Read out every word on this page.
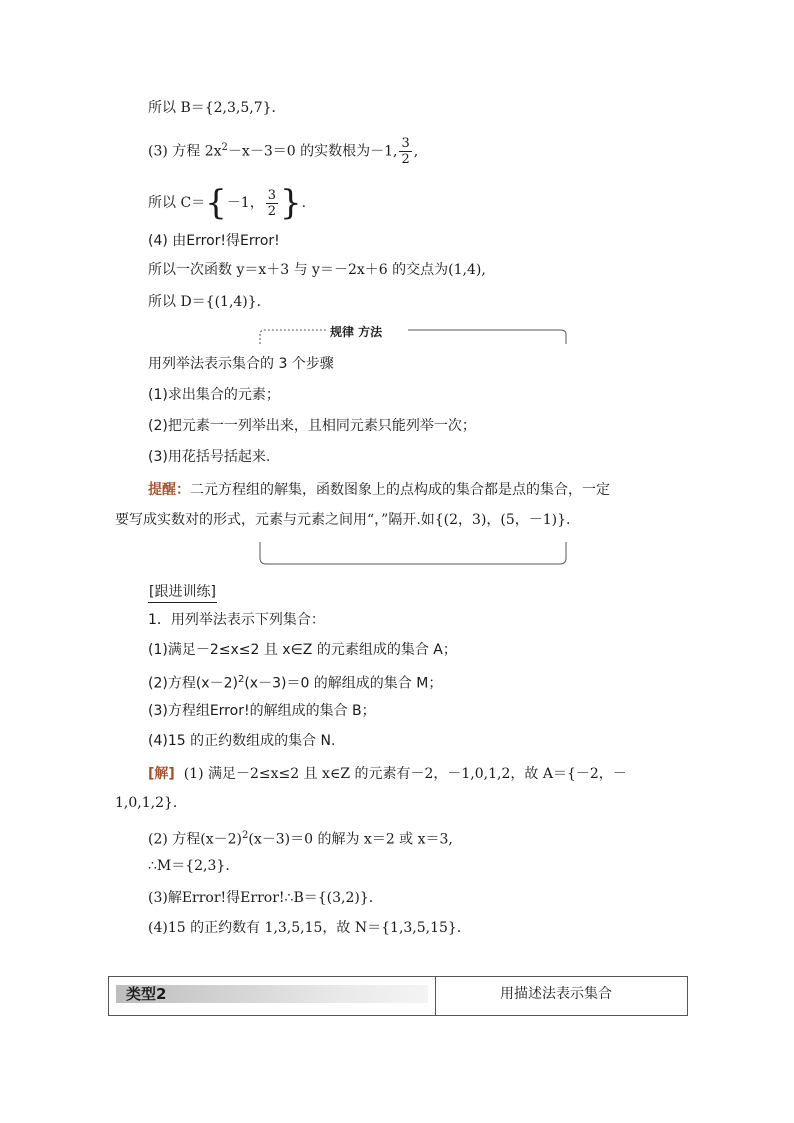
所以 B＝{2,3,5,7}．
(3) 方程 $2x^2-x-3=0$ 的实数根为－1, $\frac{3}{2}$ ,
所以 C＝{－1， $\frac{3}{2}$ }.
(4) 由Error!得Error!
所以一次函数 y＝x＋3 与 y＝－2x＋6 的交点为(1,4),
所以 D＝{(1,4)}．
规律 方法
用列举法表示集合的 3 个步骤
(1)求出集合的元素；
(2)把元素一一列举出来，且相同元素只能列举一次；
(3)用花括号括起来.
提醒：二元方程组的解集，函数图象上的点构成的集合都是点的集合，一定
要写成实数对的形式，元素与元素之间用“，”隔开.如{(2，3)，(5，－1)}.
[跟进训练]
1．用列举法表示下列集合：
(1)满足－2≤x≤2 且 x∈Z 的元素组成的集合 A；
(2)方程$(x-2)^2(x-3)=0$ 的解组成的集合 M；
(3)方程组Error!的解组成的集合 B；
(4)15 的正约数组成的集合 N.
[解] (1) 满足－2≤x≤2 且 x∈Z 的元素有－2，－1,0,1,2，故 A＝{－2，－
1,0,1,2}．
(2) 方程$(x-2)^2(x-3)=0$ 的解为 x＝2 或 x＝3,
∴M＝{2,3}．
(3)解Error!得Error!∴B＝{(3,2)}．
(4)15 的正约数有 1,3,5,15，故 N＝{1,3,5,15}．
类型2	用描述法表示集合
